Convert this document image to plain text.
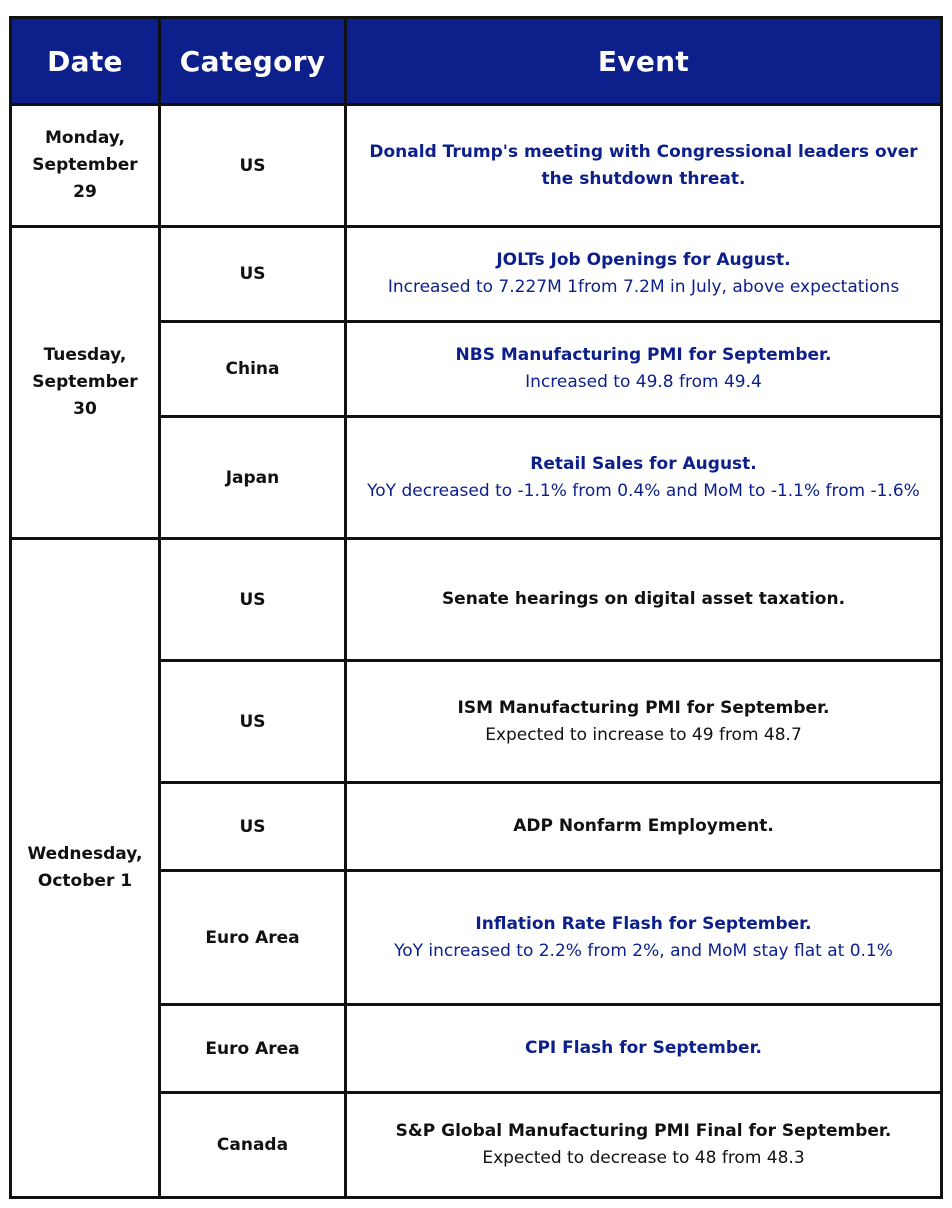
Date	Category	Event
Monday, September 29	US	Donald Trump's meeting with Congressional leaders over the shutdown threat.

Tuesday, September 30	US	JOLTs Job Openings for August.
Increased to 7.227M 1from 7.2M in July, above expectations

	China	NBS Manufacturing PMI for September.
Increased to 49.8 from 49.4

	Japan	Retail Sales for August.
YoY decreased to -1.1% from 0.4% and MoM to -1.1% from -1.6%

Wednesday, October 1	US	Senate hearings on digital asset taxation.

	US	ISM Manufacturing PMI for September.
Expected to increase to 49 from 48.7

	US	ADP Nonfarm Employment.

	Euro Area	Inflation Rate Flash for September.
YoY increased to 2.2% from 2%, and MoM stay flat at 0.1%

	Euro Area	CPI Flash for September.

	Canada	S&P Global Manufacturing PMI Final for September.
Expected to decrease to 48 from 48.3
